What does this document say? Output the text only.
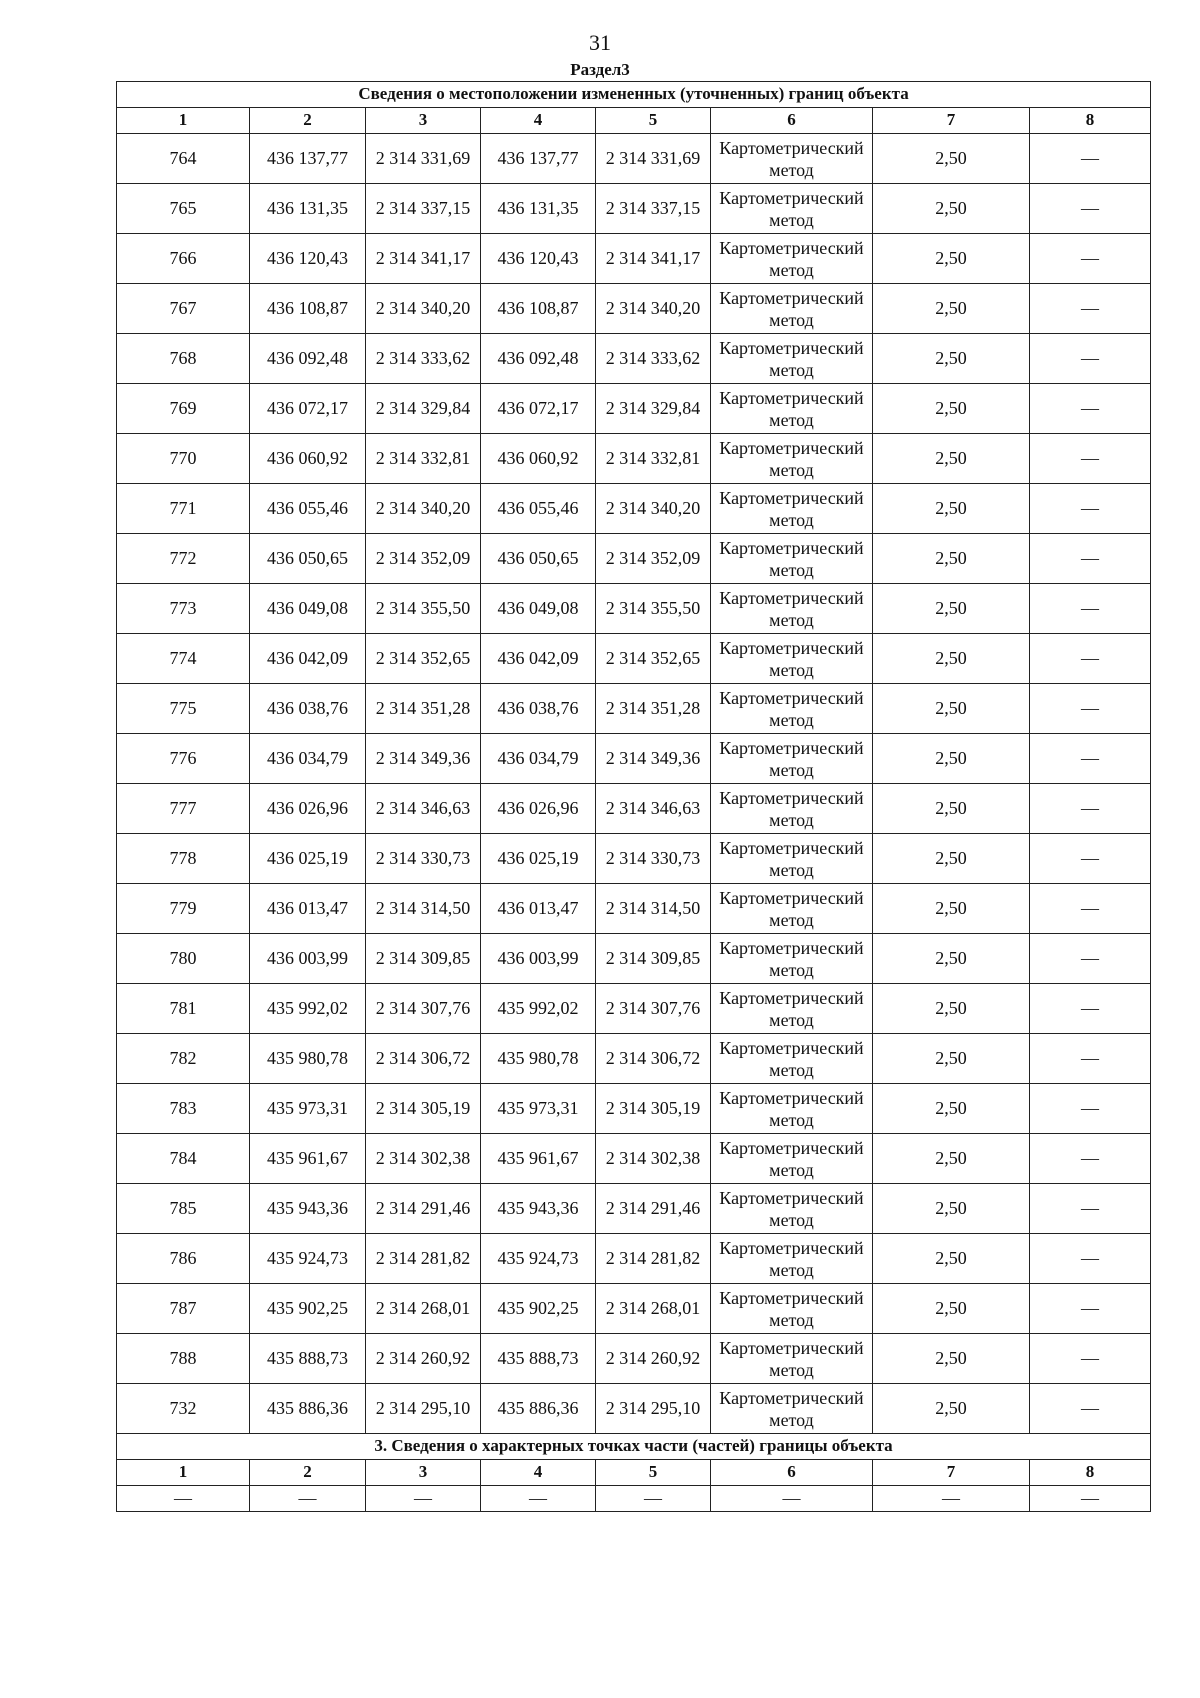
31
Раздел3
Сведения о местоположении измененных (уточненных) границ объекта							
1	2	3	4	5	6	7	8
764	436 137,77	2 314 331,69	436 137,77	2 314 331,69	Картометрический метод	2,50	—
765	436 131,35	2 314 337,15	436 131,35	2 314 337,15	Картометрический метод	2,50	—
766	436 120,43	2 314 341,17	436 120,43	2 314 341,17	Картометрический метод	2,50	—
767	436 108,87	2 314 340,20	436 108,87	2 314 340,20	Картометрический метод	2,50	—
768	436 092,48	2 314 333,62	436 092,48	2 314 333,62	Картометрический метод	2,50	—
769	436 072,17	2 314 329,84	436 072,17	2 314 329,84	Картометрический метод	2,50	—
770	436 060,92	2 314 332,81	436 060,92	2 314 332,81	Картометрический метод	2,50	—
771	436 055,46	2 314 340,20	436 055,46	2 314 340,20	Картометрический метод	2,50	—
772	436 050,65	2 314 352,09	436 050,65	2 314 352,09	Картометрический метод	2,50	—
773	436 049,08	2 314 355,50	436 049,08	2 314 355,50	Картометрический метод	2,50	—
774	436 042,09	2 314 352,65	436 042,09	2 314 352,65	Картометрический метод	2,50	—
775	436 038,76	2 314 351,28	436 038,76	2 314 351,28	Картометрический метод	2,50	—
776	436 034,79	2 314 349,36	436 034,79	2 314 349,36	Картометрический метод	2,50	—
777	436 026,96	2 314 346,63	436 026,96	2 314 346,63	Картометрический метод	2,50	—
778	436 025,19	2 314 330,73	436 025,19	2 314 330,73	Картометрический метод	2,50	—
779	436 013,47	2 314 314,50	436 013,47	2 314 314,50	Картометрический метод	2,50	—
780	436 003,99	2 314 309,85	436 003,99	2 314 309,85	Картометрический метод	2,50	—
781	435 992,02	2 314 307,76	435 992,02	2 314 307,76	Картометрический метод	2,50	—
782	435 980,78	2 314 306,72	435 980,78	2 314 306,72	Картометрический метод	2,50	—
783	435 973,31	2 314 305,19	435 973,31	2 314 305,19	Картометрический метод	2,50	—
784	435 961,67	2 314 302,38	435 961,67	2 314 302,38	Картометрический метод	2,50	—
785	435 943,36	2 314 291,46	435 943,36	2 314 291,46	Картометрический метод	2,50	—
786	435 924,73	2 314 281,82	435 924,73	2 314 281,82	Картометрический метод	2,50	—
787	435 902,25	2 314 268,01	435 902,25	2 314 268,01	Картометрический метод	2,50	—
788	435 888,73	2 314 260,92	435 888,73	2 314 260,92	Картометрический метод	2,50	—
732	435 886,36	2 314 295,10	435 886,36	2 314 295,10	Картометрический метод	2,50	—
3. Сведения о характерных точках части (частей) границы объекта							
1	2	3	4	5	6	7	8
—	—	—	—	—	—	—	—
